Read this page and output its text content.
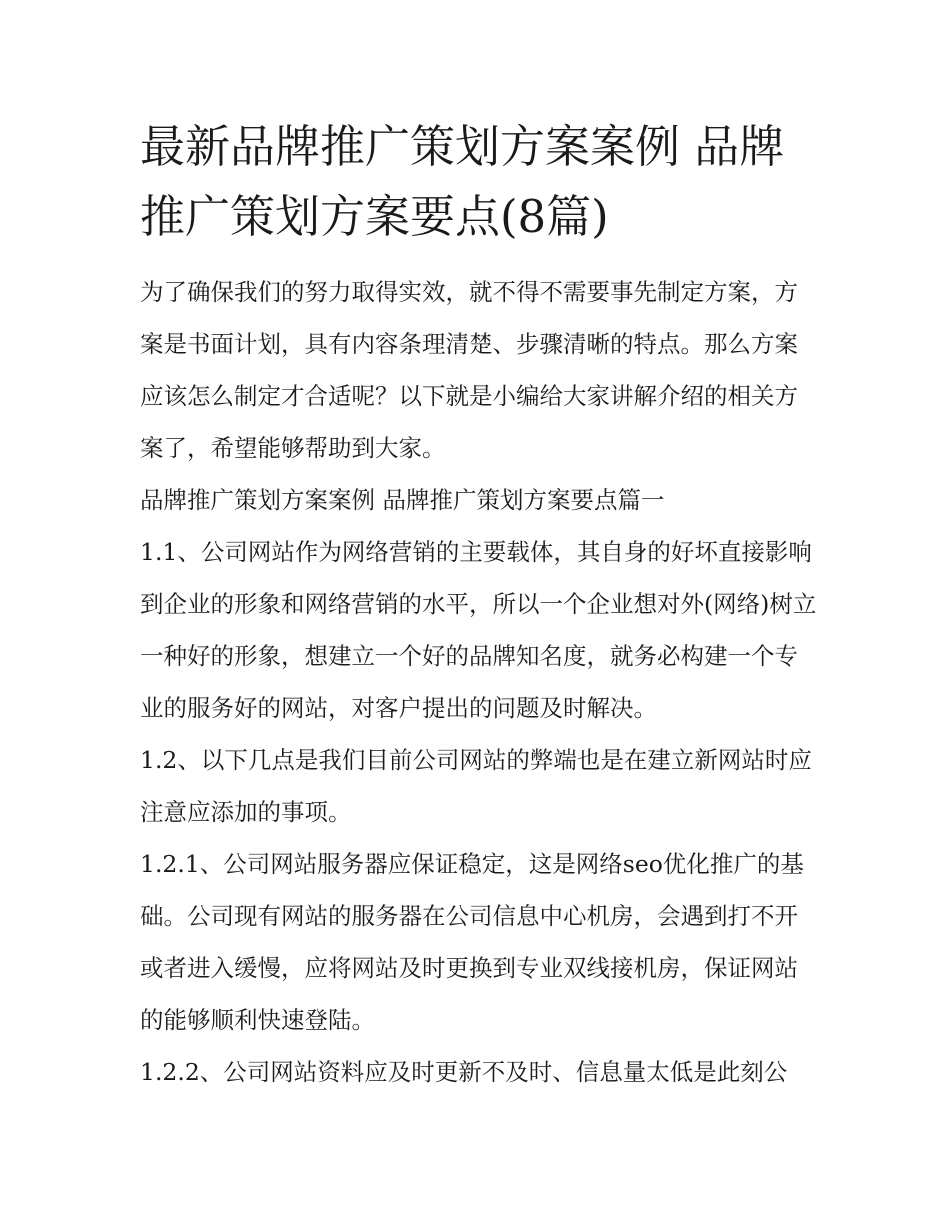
最新品牌推广策划方案案例 品牌推广策划方案要点(8篇)

为了确保我们的努力取得实效，就不得不需要事先制定方案，方案是书面计划，具有内容条理清楚、步骤清晰的特点。那么方案应该怎么制定才合适呢？以下就是小编给大家讲解介绍的相关方案了，希望能够帮助到大家。

品牌推广策划方案案例 品牌推广策划方案要点篇一

1.1、公司网站作为网络营销的主要载体，其自身的好坏直接影响到企业的形象和网络营销的水平，所以一个企业想对外(网络)树立一种好的形象，想建立一个好的品牌知名度，就务必构建一个专业的服务好的网站，对客户提出的问题及时解决。

1.2、以下几点是我们目前公司网站的弊端也是在建立新网站时应注意应添加的事项。

1.2.1、公司网站服务器应保证稳定，这是网络seo优化推广的基础。公司现有网站的服务器在公司信息中心机房，会遇到打不开或者进入缓慢，应将网站及时更换到专业双线接机房，保证网站的能够顺利快速登陆。

1.2.2、公司网站资料应及时更新不及时、信息量太低是此刻公
